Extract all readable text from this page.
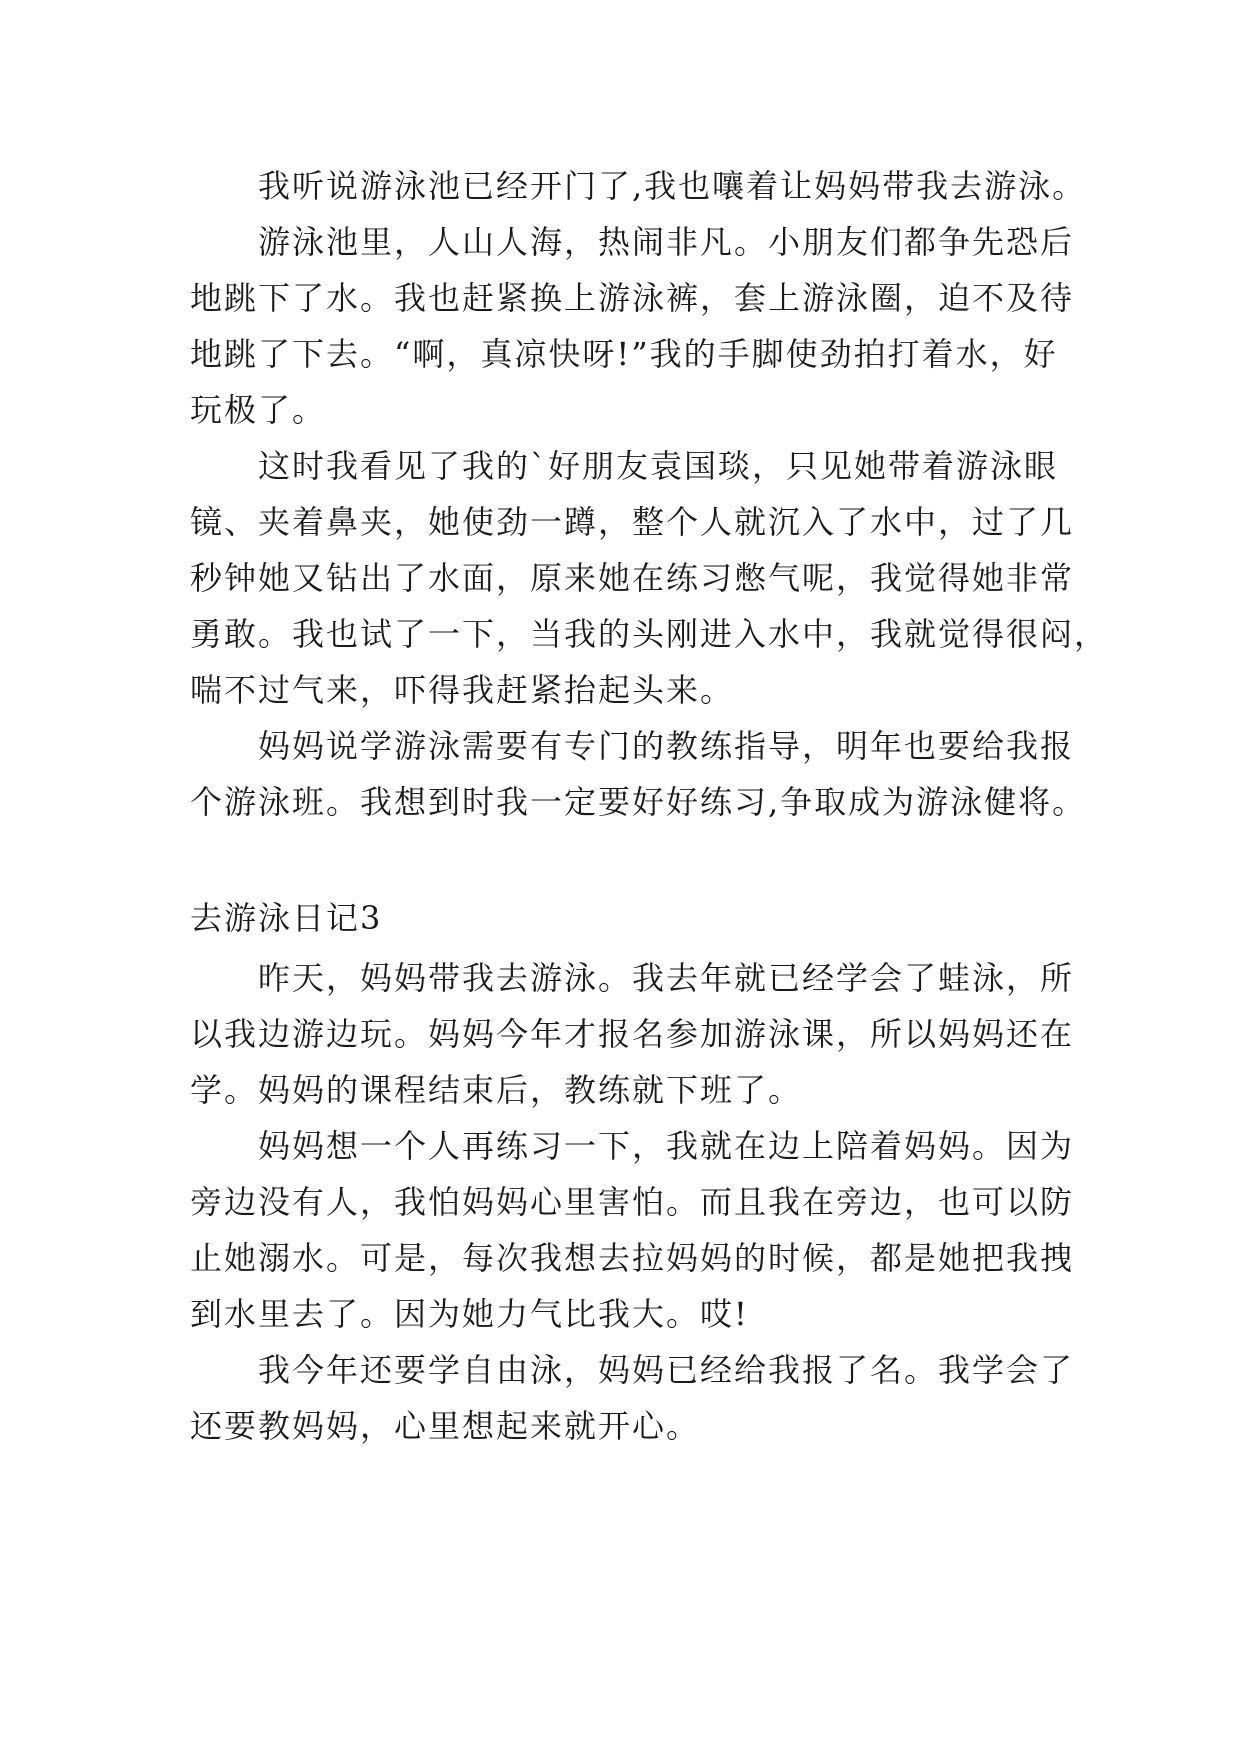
我听说游泳池已经开门了,我也嚷着让妈妈带我去游泳。

游泳池里，人山人海，热闹非凡。小朋友们都争先恐后

地跳下了水。我也赶紧换上游泳裤，套上游泳圈，迫不及待

地跳了下去。“啊，真凉快呀!”我的手脚使劲拍打着水，好

玩极了。

这时我看见了我的`好朋友袁国琰，只见她带着游泳眼

镜、夹着鼻夹，她使劲一蹲，整个人就沉入了水中，过了几

秒钟她又钻出了水面，原来她在练习憋气呢，我觉得她非常

勇敢。我也试了一下，当我的头刚进入水中，我就觉得很闷，

喘不过气来，吓得我赶紧抬起头来。

妈妈说学游泳需要有专门的教练指导，明年也要给我报

个游泳班。我想到时我一定要好好练习,争取成为游泳健将。

去游泳日记3

昨天，妈妈带我去游泳。我去年就已经学会了蛙泳，所

以我边游边玩。妈妈今年才报名参加游泳课，所以妈妈还在

学。妈妈的课程结束后，教练就下班了。

妈妈想一个人再练习一下，我就在边上陪着妈妈。因为

旁边没有人，我怕妈妈心里害怕。而且我在旁边，也可以防

止她溺水。可是，每次我想去拉妈妈的时候，都是她把我拽

到水里去了。因为她力气比我大。哎!

我今年还要学自由泳，妈妈已经给我报了名。我学会了

还要教妈妈，心里想起来就开心。
